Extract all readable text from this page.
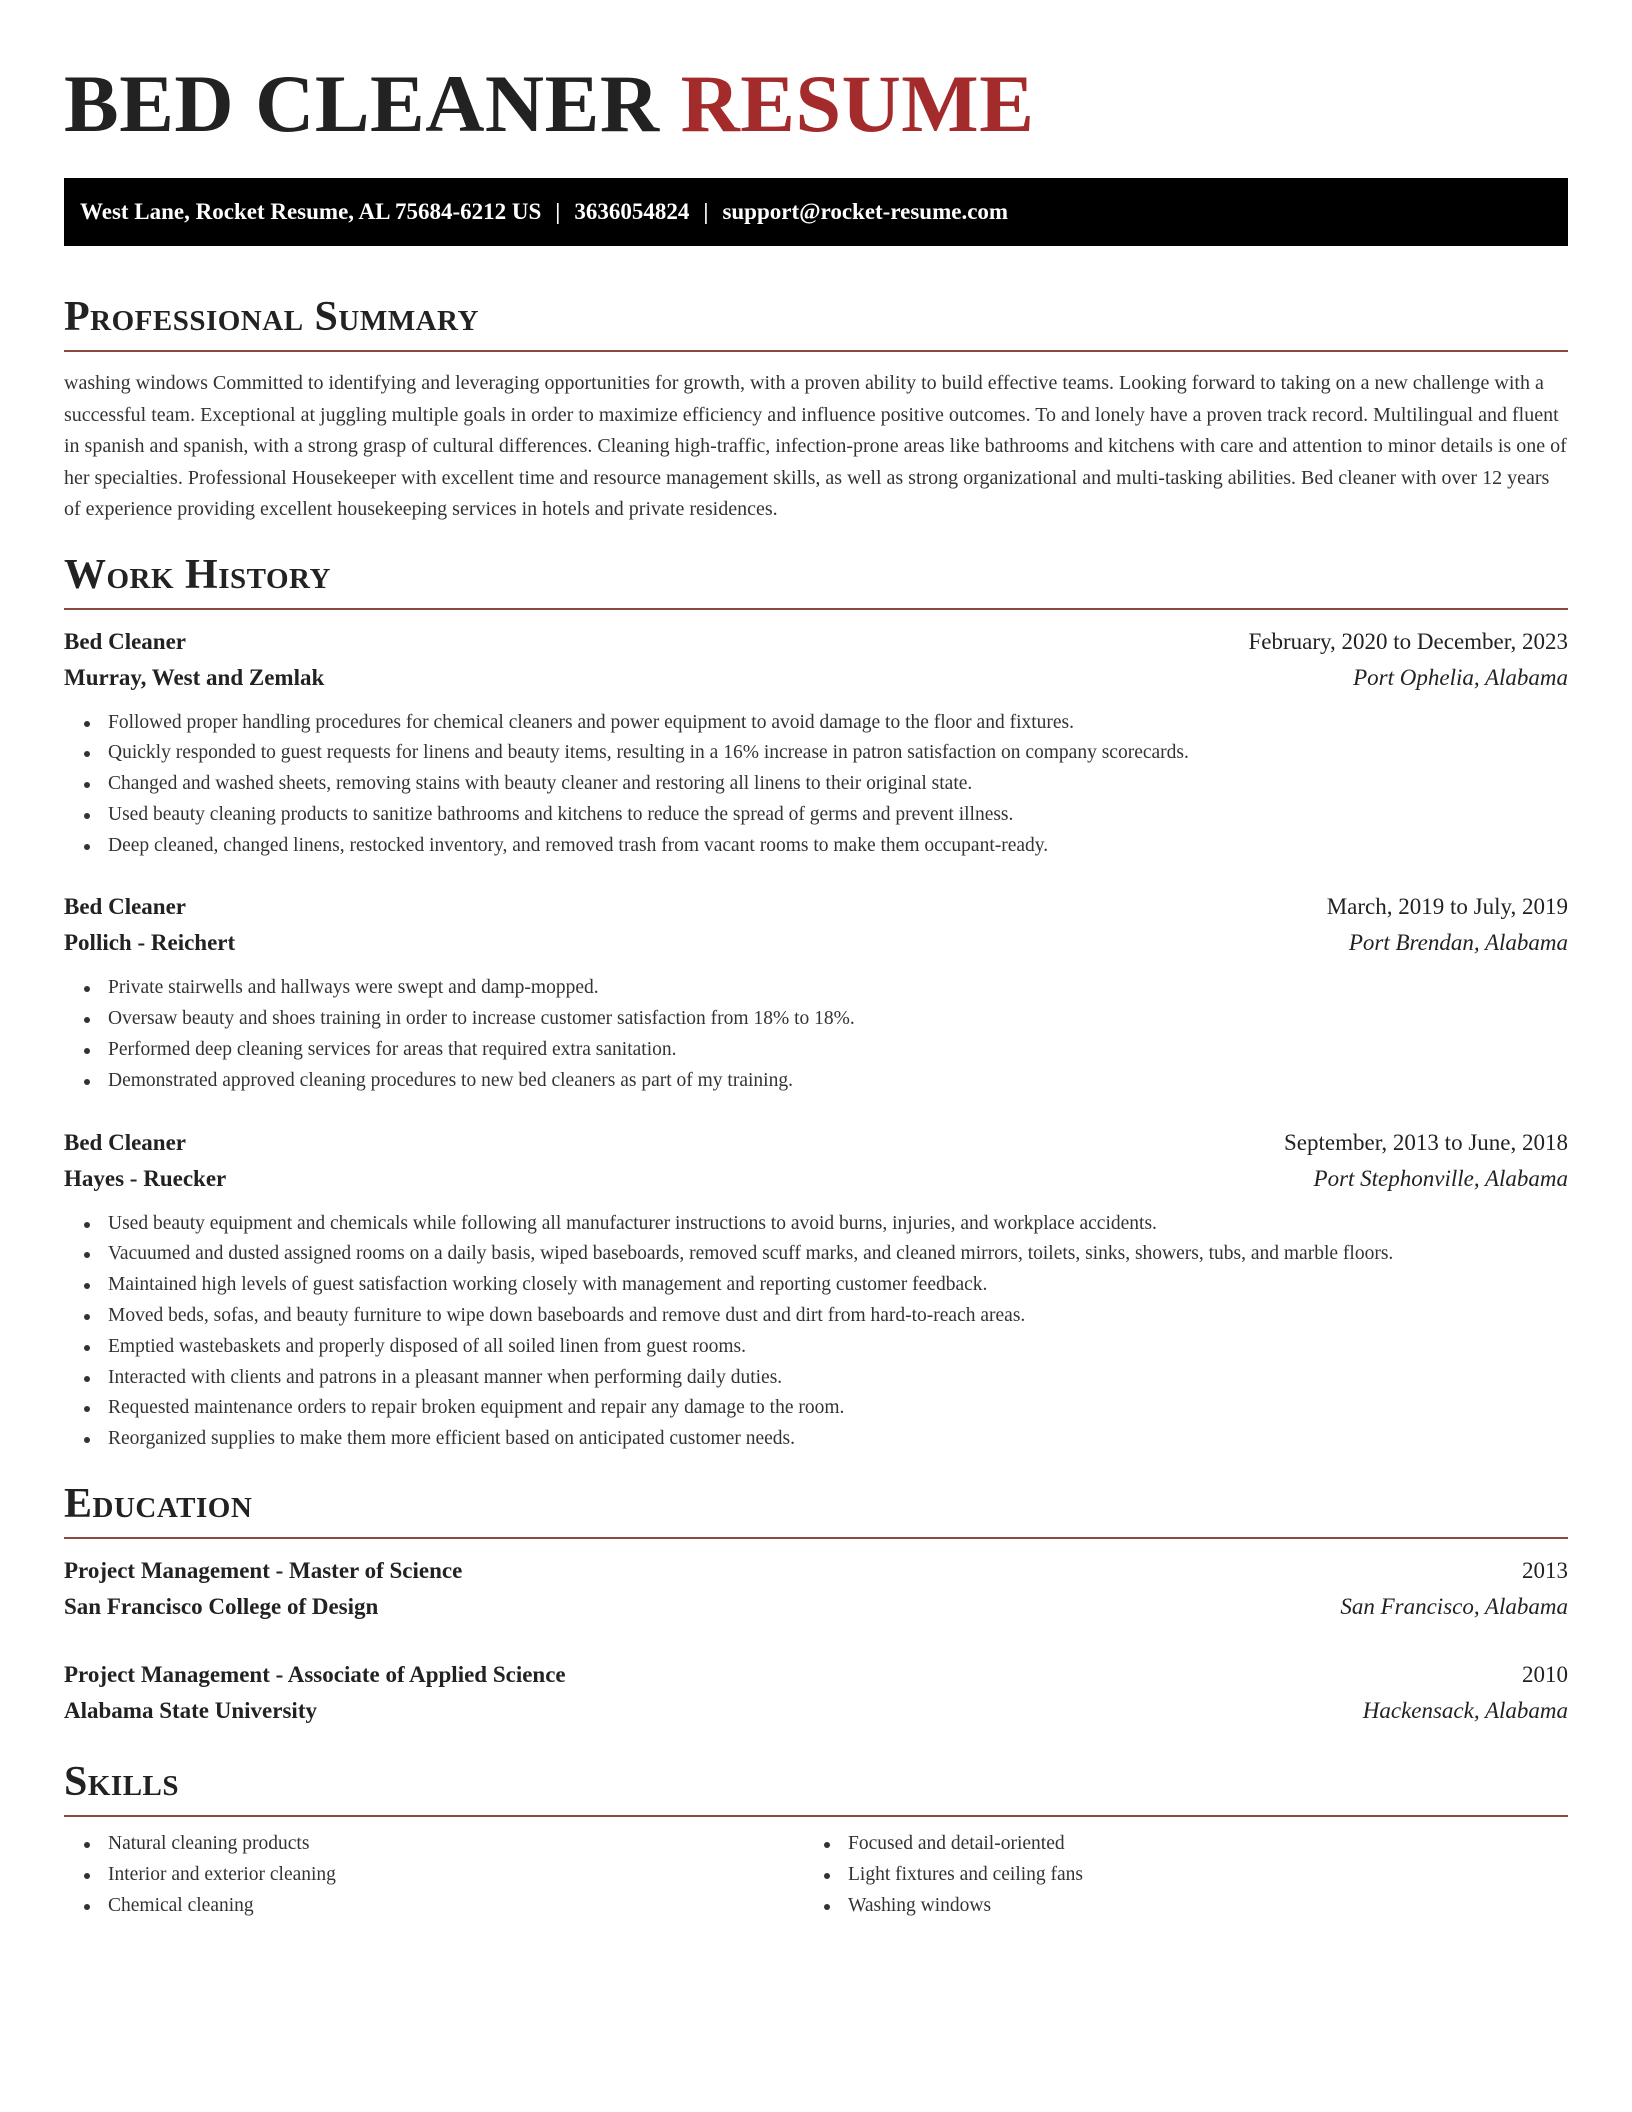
BED CLEANER RESUME
West Lane, Rocket Resume, AL 75684-6212 US | 3636054824 | support@rocket-resume.com
Professional Summary

washing windows Committed to identifying and leveraging opportunities for growth, with a proven ability to build effective teams. Looking forward to taking on a new challenge with a successful team. Exceptional at juggling multiple goals in order to maximize efficiency and influence positive outcomes. To and lonely have a proven track record. Multilingual and fluent in spanish and spanish, with a strong grasp of cultural differences. Cleaning high-traffic, infection-prone areas like bathrooms and kitchens with care and attention to minor details is one of her specialties. Professional Housekeeper with excellent time and resource management skills, as well as strong organizational and multi-tasking abilities. Bed cleaner with over 12 years of experience providing excellent housekeeping services in hotels and private residences.

Work History
Bed Cleaner	February, 2020 to December, 2023
Murray, West and Zemlak	Port Ophelia, Alabama
Followed proper handling procedures for chemical cleaners and power equipment to avoid damage to the floor and fixtures.
Quickly responded to guest requests for linens and beauty items, resulting in a 16% increase in patron satisfaction on company scorecards.
Changed and washed sheets, removing stains with beauty cleaner and restoring all linens to their original state.
Used beauty cleaning products to sanitize bathrooms and kitchens to reduce the spread of germs and prevent illness.
Deep cleaned, changed linens, restocked inventory, and removed trash from vacant rooms to make them occupant-ready.
Bed Cleaner	March, 2019 to July, 2019
Pollich - Reichert	Port Brendan, Alabama
Private stairwells and hallways were swept and damp-mopped.
Oversaw beauty and shoes training in order to increase customer satisfaction from 18% to 18%.
Performed deep cleaning services for areas that required extra sanitation.
Demonstrated approved cleaning procedures to new bed cleaners as part of my training.
Bed Cleaner	September, 2013 to June, 2018
Hayes - Ruecker	Port Stephonville, Alabama
Used beauty equipment and chemicals while following all manufacturer instructions to avoid burns, injuries, and workplace accidents.
Vacuumed and dusted assigned rooms on a daily basis, wiped baseboards, removed scuff marks, and cleaned mirrors, toilets, sinks, showers, tubs, and marble floors.
Maintained high levels of guest satisfaction working closely with management and reporting customer feedback.
Moved beds, sofas, and beauty furniture to wipe down baseboards and remove dust and dirt from hard-to-reach areas.
Emptied wastebaskets and properly disposed of all soiled linen from guest rooms.
Interacted with clients and patrons in a pleasant manner when performing daily duties.
Requested maintenance orders to repair broken equipment and repair any damage to the room.
Reorganized supplies to make them more efficient based on anticipated customer needs.
Education
Project Management - Master of Science	2013
San Francisco College of Design	San Francisco, Alabama
Project Management - Associate of Applied Science	2010
Alabama State University	Hackensack, Alabama
Skills
Natural cleaning products
Interior and exterior cleaning
Chemical cleaning
Focused and detail-oriented
Light fixtures and ceiling fans
Washing windows
